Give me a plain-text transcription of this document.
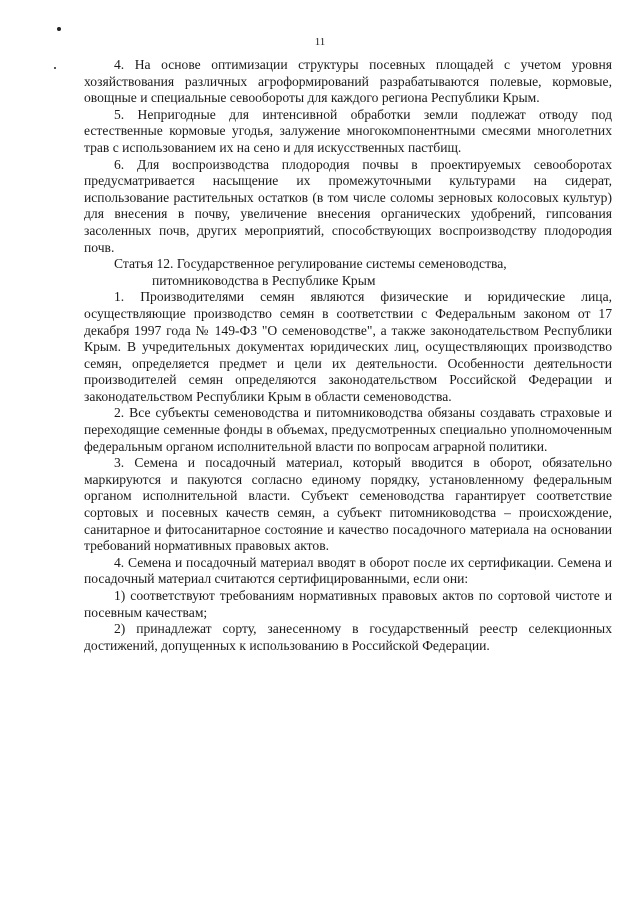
11

4. На основе оптимизации структуры посевных площадей с учетом уровня хозяйствования различных агроформирований разрабатываются полевые, кормовые, овощные и специальные севообороты для каждого региона Республики Крым.

5. Непригодные для интенсивной обработки земли подлежат отводу под естественные кормовые угодья, залужение многокомпонентными смесями многолетних трав с использованием их на сено и для искусственных пастбищ.

6. Для воспроизводства плодородия почвы в проектируемых севооборотах предусматривается насыщение их промежуточными культурами на сидерат, использование растительных остатков (в том числе соломы зерновых колосовых культур) для внесения в почву, увеличение внесения органических удобрений, гипсования засоленных почв, других мероприятий, способствующих воспроизводству плодородия почв.

Статья 12. Государственное регулирование системы семеноводства,
питомниководства в Республике Крым

1. Производителями семян являются физические и юридические лица, осуществляющие производство семян в соответствии с Федеральным законом от 17 декабря 1997 года № 149-ФЗ "О семеноводстве", а также законодательством Республики Крым. В учредительных документах юридических лиц, осуществляющих производство семян, определяется предмет и цели их деятельности. Особенности деятельности производителей семян определяются законодательством Российской Федерации и законодательством Республики Крым в области семеноводства.

2. Все субъекты семеноводства и питомниководства обязаны создавать страховые и переходящие семенные фонды в объемах, предусмотренных специально уполномоченным федеральным органом исполнительной власти по вопросам аграрной политики.

3. Семена и посадочный материал, который вводится в оборот, обязательно маркируются и пакуются согласно единому порядку, установленному федеральным органом исполнительной власти. Субъект семеноводства гарантирует соответствие сортовых и посевных качеств семян, а субъект питомниководства – происхождение, санитарное и фитосанитарное состояние и качество посадочного материала на основании требований нормативных правовых актов.

4. Семена и посадочный материал вводят в оборот после их сертификации. Семена и посадочный материал считаются сертифицированными, если они:

1) соответствуют требованиям нормативных правовых актов по сортовой чистоте и посевным качествам;

2) принадлежат сорту, занесенному в государственный реестр селекционных достижений, допущенных к использованию в Российской Федерации.
